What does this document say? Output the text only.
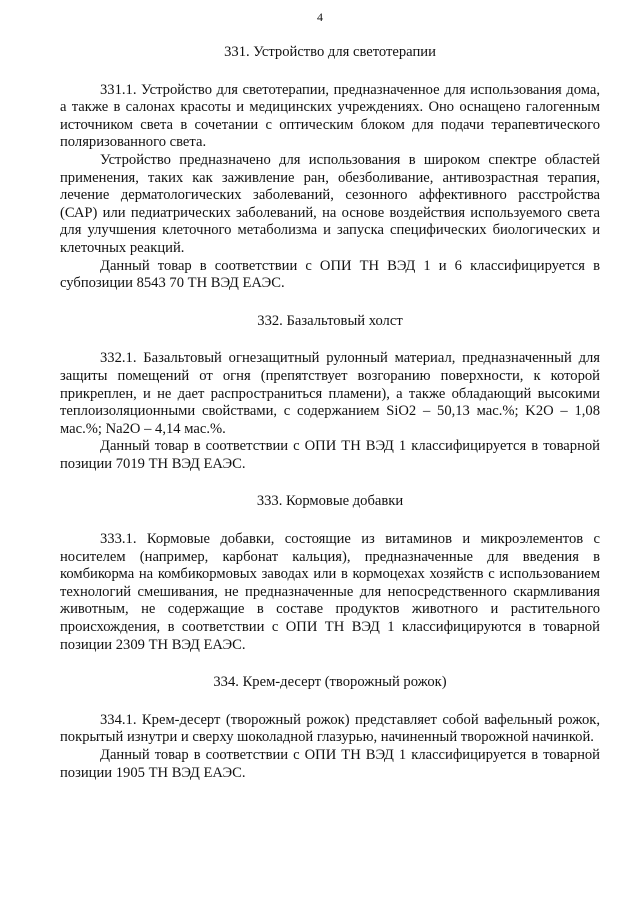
4

331. Устройство для светотерапии

331.1. Устройство для светотерапии, предназначенное для использования дома, а также в салонах красоты и медицинских учреждениях. Оно оснащено галогенным источником света в сочетании с оптическим блоком для подачи терапевтического поляризованного света.

Устройство предназначено для использования в широком спектре областей применения, таких как заживление ран, обезболивание, антивозрастная терапия, лечение дерматологических заболеваний, сезонного аффективного расстройства (САР) или педиатрических заболеваний, на основе воздействия используемого света для улучшения клеточного метаболизма и запуска специфических биологических и клеточных реакций.

Данный товар в соответствии с ОПИ ТН ВЭД 1 и 6 классифицируется в субпозиции 8543 70 ТН ВЭД ЕАЭС.

332. Базальтовый холст

332.1. Базальтовый огнезащитный рулонный материал, предназначенный для защиты помещений от огня (препятствует возгоранию поверхности, к которой прикреплен, и не дает распространиться пламени), а также обладающий высокими теплоизоляционными свойствами, с содержанием SiO2 – 50,13 мас.%; K2O – 1,08 мас.%; Na2O – 4,14 мас.%.

Данный товар в соответствии с ОПИ ТН ВЭД 1 классифицируется в товарной позиции 7019 ТН ВЭД ЕАЭС.

333. Кормовые добавки

333.1. Кормовые добавки, состоящие из витаминов и микроэлементов с носителем (например, карбонат кальция), предназначенные для введения в комбикорма на комбикормовых заводах или в кормоцехах хозяйств с использованием технологий смешивания, не предназначенные для непосредственного скармливания животным, не содержащие в составе продуктов животного и растительного происхождения, в соответствии с ОПИ ТН ВЭД 1 классифицируются в товарной позиции 2309 ТН ВЭД ЕАЭС.

334. Крем-десерт (творожный рожок)

334.1. Крем-десерт (творожный рожок) представляет собой вафельный рожок, покрытый изнутри и сверху шоколадной глазурью, начиненный творожной начинкой.

Данный товар в соответствии с ОПИ ТН ВЭД 1 классифицируется в товарной позиции 1905 ТН ВЭД ЕАЭС.
